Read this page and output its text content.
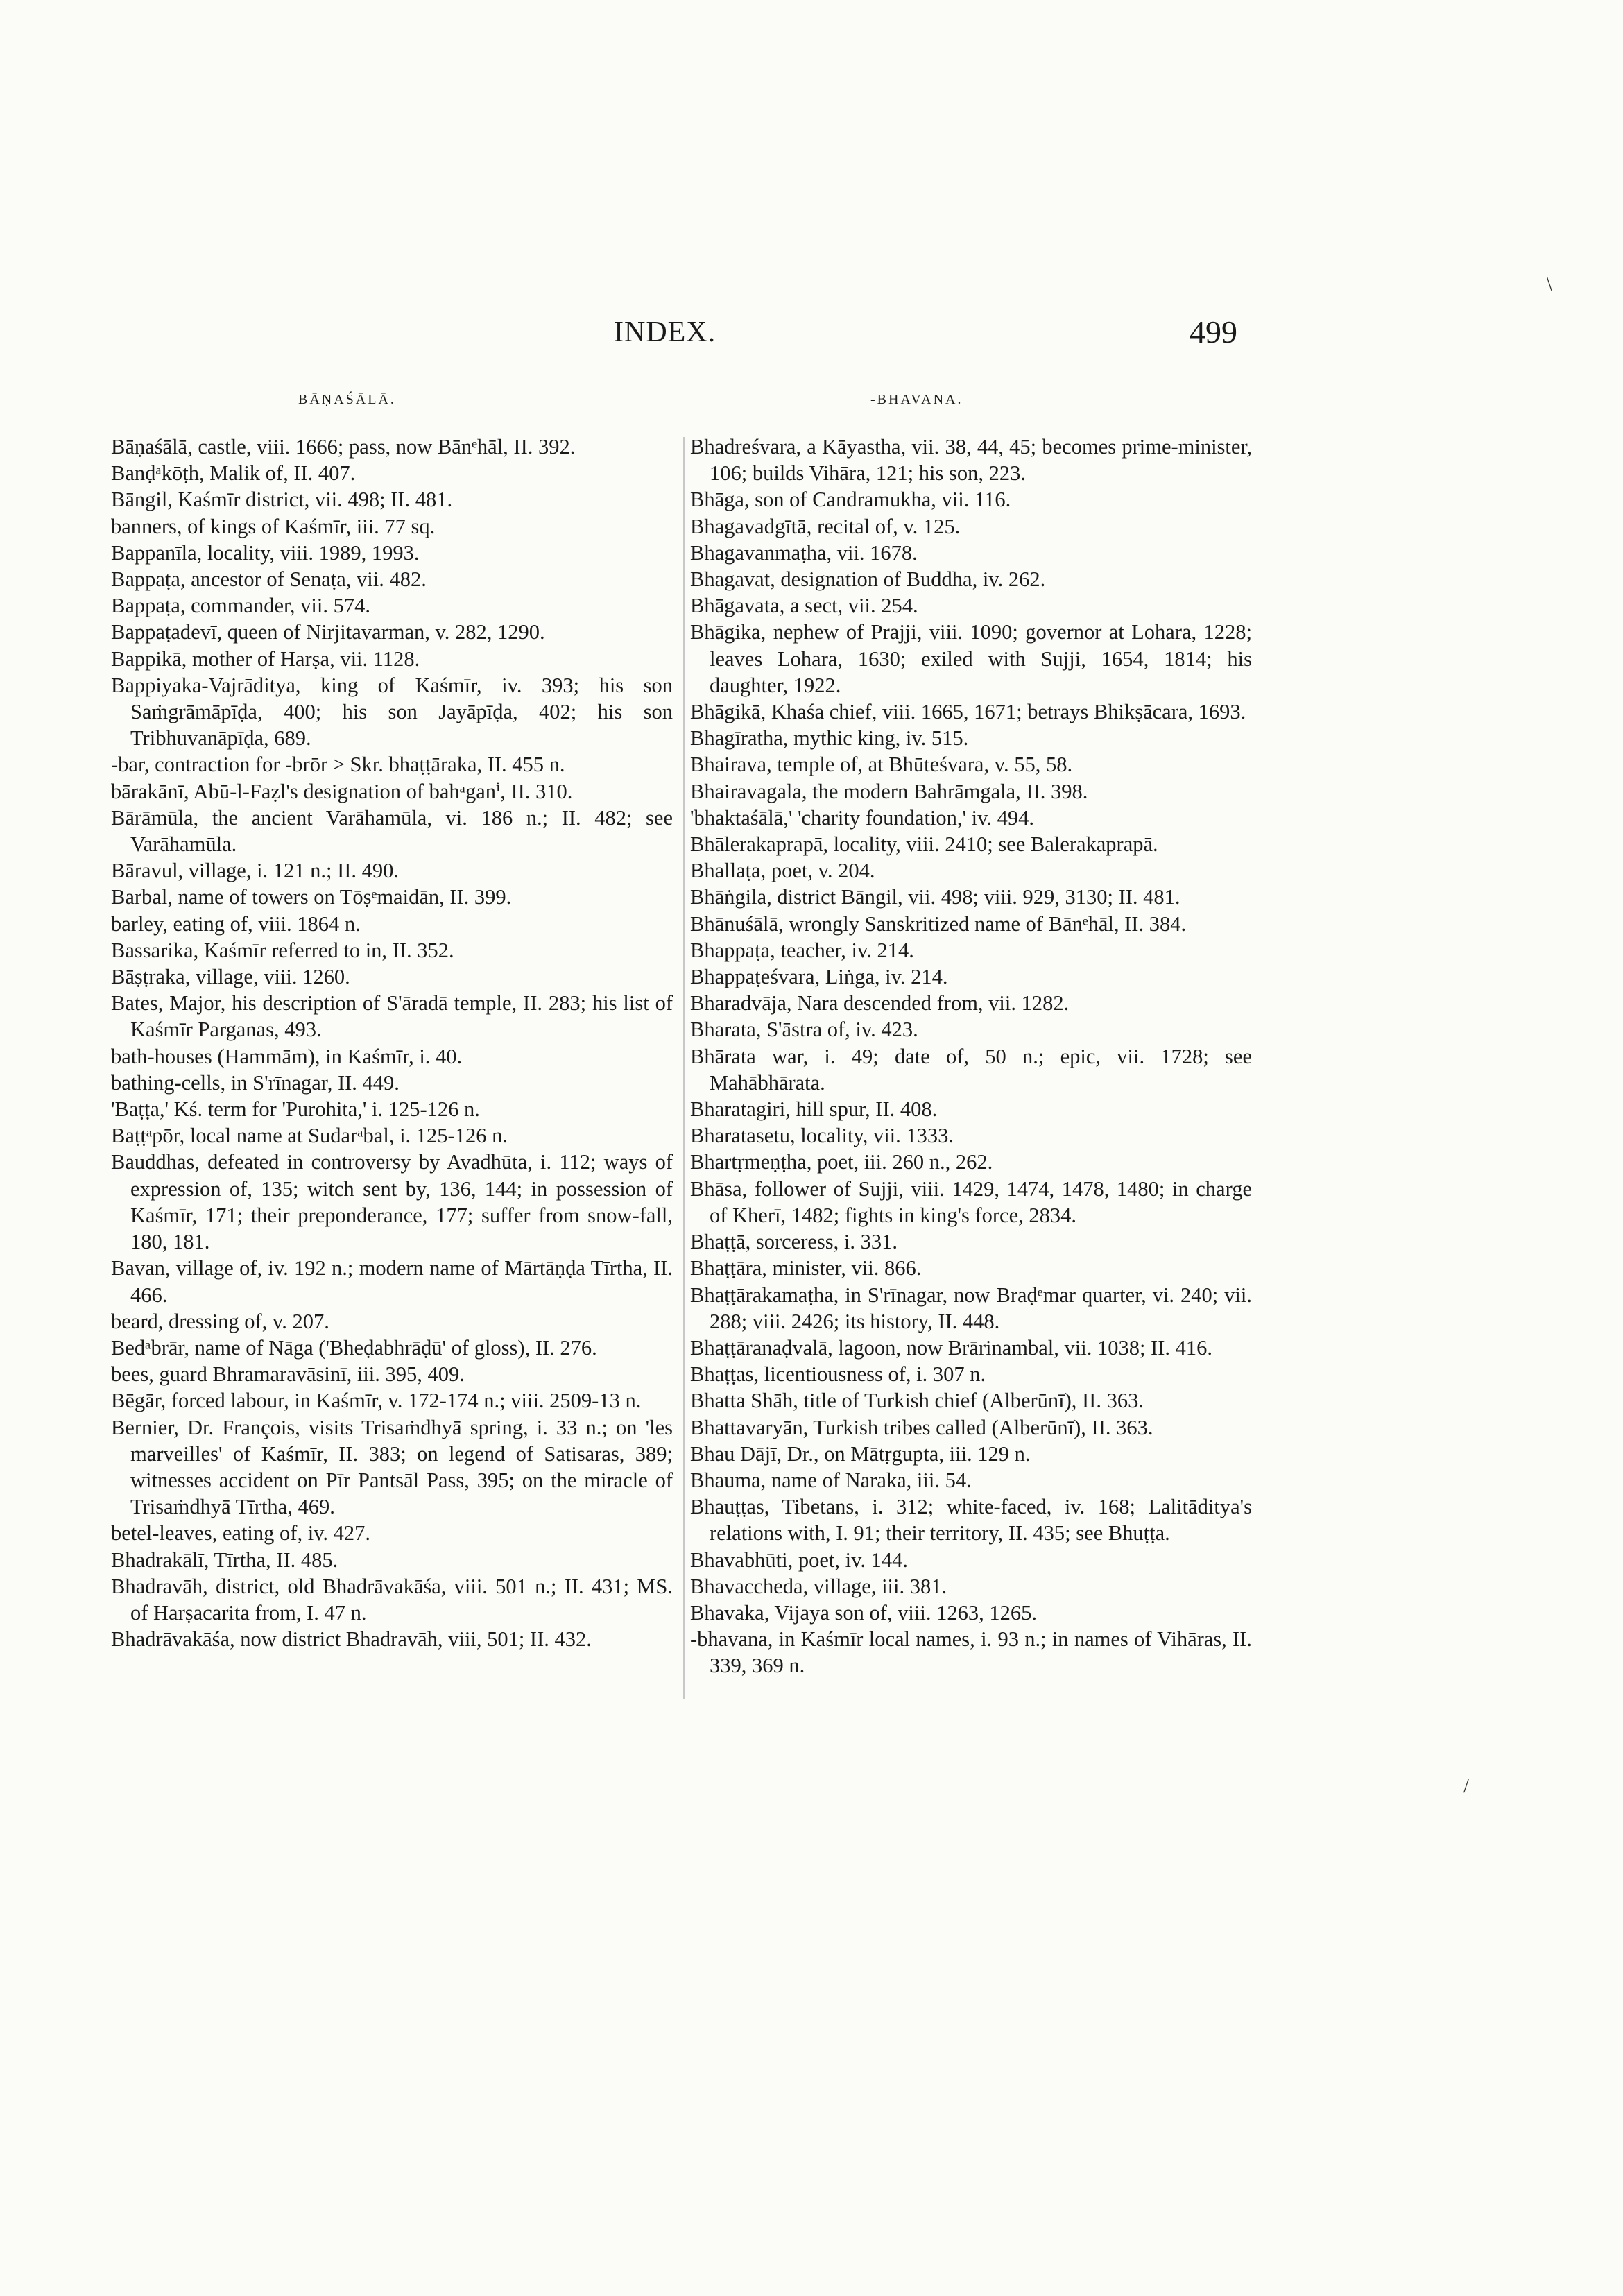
INDEX.	499
BĀṆAŚĀLĀ.	-BHAVANA.
Bāṇaśālā, castle, viii. 1666; pass, now Bānᵉhāl, II. 392.
Banḍᵃkōṭh, Malik of, II. 407.
Bāngil, Kaśmīr district, vii. 498; II. 481.
banners, of kings of Kaśmīr, iii. 77 sq.
Bappanīla, locality, viii. 1989, 1993.
Bappaṭa, ancestor of Senaṭa, vii. 482.
Bappaṭa, commander, vii. 574.
Bappaṭadevī, queen of Nirjitavarman, v. 282, 1290.
Bappikā, mother of Harṣa, vii. 1128.
Bappiyaka-Vajrāditya, king of Kaśmīr, iv. 393; his son Saṁgrāmāpīḍa, 400; his son Jayāpīḍa, 402; his son Tribhuvanāpīḍa, 689.
-bar, contraction for -brōr > Skr. bhaṭṭāraka, II. 455 n.
bārakānī, Abū-l-Faẓl's designation of bahᵃganⁱ, II. 310.
Bārāmūla, the ancient Varāhamūla, vi. 186 n.; II. 482; see Varāhamūla.
Bāravul, village, i. 121 n.; II. 490.
Barbal, name of towers on Tōṣᵉmaidān, II. 399.
barley, eating of, viii. 1864 n.
Bassarika, Kaśmīr referred to in, II. 352.
Bāṣṭraka, village, viii. 1260.
Bates, Major, his description of S'āradā temple, II. 283; his list of Kaśmīr Parganas, 493.
bath-houses (Hammām), in Kaśmīr, i. 40.
bathing-cells, in S'rīnagar, II. 449.
'Baṭṭa,' Kś. term for 'Purohita,' i. 125-126 n.
Baṭṭᵃpōr, local name at Sudarᵃbal, i. 125-126 n.
Bauddhas, defeated in controversy by Avadhūta, i. 112; ways of expression of, 135; witch sent by, 136, 144; in possession of Kaśmīr, 171; their preponderance, 177; suffer from snow-fall, 180, 181.
Bavan, village of, iv. 192 n.; modern name of Mārtāṇḍa Tīrtha, II. 466.
beard, dressing of, v. 207.
Bedᵃbrār, name of Nāga ('Bheḍabhrāḍū' of gloss), II. 276.
bees, guard Bhramaravāsinī, iii. 395, 409.
Bēgār, forced labour, in Kaśmīr, v. 172-174 n.; viii. 2509-13 n.
Bernier, Dr. François, visits Trisaṁdhyā spring, i. 33 n.; on 'les marveilles' of Kaśmīr, II. 383; on legend of Satisaras, 389; witnesses accident on Pīr Pantsāl Pass, 395; on the miracle of Trisaṁdhyā Tīrtha, 469.
betel-leaves, eating of, iv. 427.
Bhadrakālī, Tīrtha, II. 485.
Bhadravāh, district, old Bhadrāvakāśa, viii. 501 n.; II. 431; MS. of Harṣacarita from, I. 47 n.
Bhadrāvakāśa, now district Bhadravāh, viii, 501; II. 432.
Bhadreśvara, a Kāyastha, vii. 38, 44, 45; becomes prime-minister, 106; builds Vihāra, 121; his son, 223.
Bhāga, son of Candramukha, vii. 116.
Bhagavadgītā, recital of, v. 125.
Bhagavanmaṭha, vii. 1678.
Bhagavat, designation of Buddha, iv. 262.
Bhāgavata, a sect, vii. 254.
Bhāgika, nephew of Prajji, viii. 1090; governor at Lohara, 1228; leaves Lohara, 1630; exiled with Sujji, 1654, 1814; his daughter, 1922.
Bhāgikā, Khaśa chief, viii. 1665, 1671; betrays Bhikṣācara, 1693.
Bhagīratha, mythic king, iv. 515.
Bhairava, temple of, at Bhūteśvara, v. 55, 58.
Bhairavagala, the modern Bahrāmgala, II. 398.
'bhaktaśālā,' 'charity foundation,' iv. 494.
Bhālerakaprapā, locality, viii. 2410; see Balerakaprapā.
Bhallaṭa, poet, v. 204.
Bhāṅgila, district Bāngil, vii. 498; viii. 929, 3130; II. 481.
Bhānuśālā, wrongly Sanskritized name of Bānᵉhāl, II. 384.
Bhappaṭa, teacher, iv. 214.
Bhappaṭeśvara, Liṅga, iv. 214.
Bharadvāja, Nara descended from, vii. 1282.
Bharata, S'āstra of, iv. 423.
Bhārata war, i. 49; date of, 50 n.; epic, vii. 1728; see Mahābhārata.
Bharatagiri, hill spur, II. 408.
Bharatasetu, locality, vii. 1333.
Bhartṛmeṇṭha, poet, iii. 260 n., 262.
Bhāsa, follower of Sujji, viii. 1429, 1474, 1478, 1480; in charge of Kherī, 1482; fights in king's force, 2834.
Bhaṭṭā, sorceress, i. 331.
Bhaṭṭāra, minister, vii. 866.
Bhaṭṭārakamaṭha, in S'rīnagar, now Braḍᵉmar quarter, vi. 240; vii. 288; viii. 2426; its history, II. 448.
Bhaṭṭāranaḍvalā, lagoon, now Brārinambal, vii. 1038; II. 416.
Bhaṭṭas, licentiousness of, i. 307 n.
Bhatta Shāh, title of Turkish chief (Alberūnī), II. 363.
Bhattavaryān, Turkish tribes called (Alberūnī), II. 363.
Bhau Dājī, Dr., on Mātṛgupta, iii. 129 n.
Bhauma, name of Naraka, iii. 54.
Bhauṭṭas, Tibetans, i. 312; white-faced, iv. 168; Lalitāditya's relations with, I. 91; their territory, II. 435; see Bhuṭṭa.
Bhavabhūti, poet, iv. 144.
Bhavaccheda, village, iii. 381.
Bhavaka, Vijaya son of, viii. 1263, 1265.
-bhavana, in Kaśmīr local names, i. 93 n.; in names of Vihāras, II. 339, 369 n.
\
/
